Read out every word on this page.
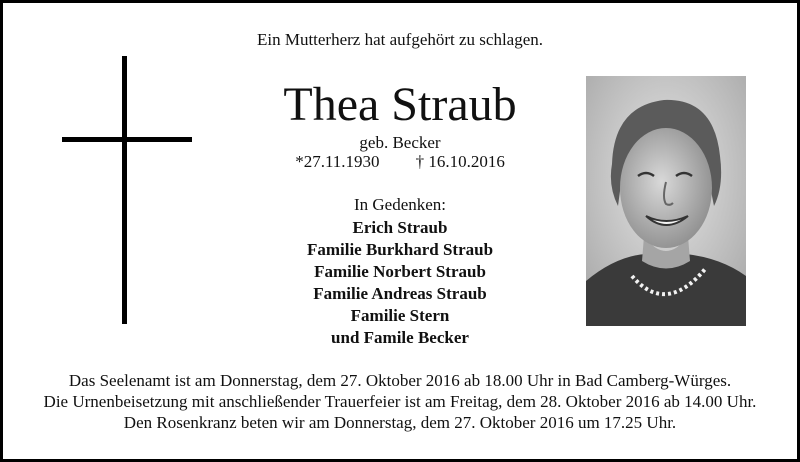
Ein Mutterherz hat aufgehört zu schlagen.
Thea Straub
geb. Becker
*27.11.1930 † 16.10.2016
In Gedenken:
Erich Straub
Familie Burkhard Straub
Familie Norbert Straub
Familie Andreas Straub
Familie Stern
und Famile Becker
Das Seelenamt ist am Donnerstag, dem 27. Oktober 2016 ab 18.00 Uhr in Bad Camberg-Würges.
Die Urnenbeisetzung mit anschließender Trauerfeier ist am Freitag, dem 28. Oktober 2016 ab 14.00 Uhr.
Den Rosenkranz beten wir am Donnerstag, dem 27. Oktober 2016 um 17.25 Uhr.
